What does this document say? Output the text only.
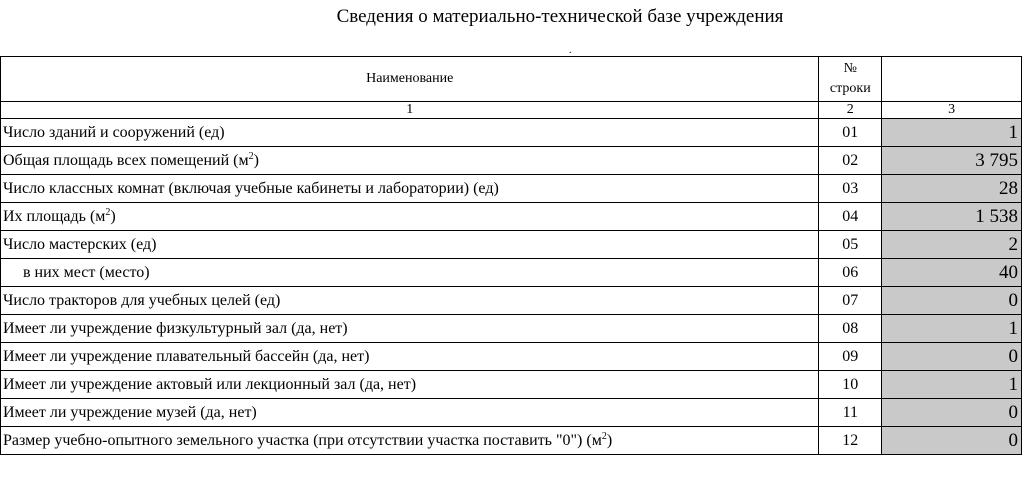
Сведения о материально-технической базе учреждения
.
Наименование	№
строки	

1	2	3
Число зданий и сооружений (ед)	01	1
Общая площадь всех помещений $(м^2)$	02	3 795
Число классных комнат (включая учебные кабинеты и лаборатории) (ед)	03	28
Их площадь $(м^2)$	04	1 538
Число мастерских (ед)	05	2
в них мест (место)	06	40
Число тракторов для учебных целей (ед)	07	0
Имеет ли учреждение физкультурный зал (да, нет)	08	1
Имеет ли учреждение плавательный бассейн (да, нет)	09	0
Имеет ли учреждение актовый или лекционный зал (да, нет)	10	1
Имеет ли учреждение музей (да, нет)	11	0
Размер учебно-опытного земельного участка (при отсутствии участка поставить "0") $(м^2)$	12	0
